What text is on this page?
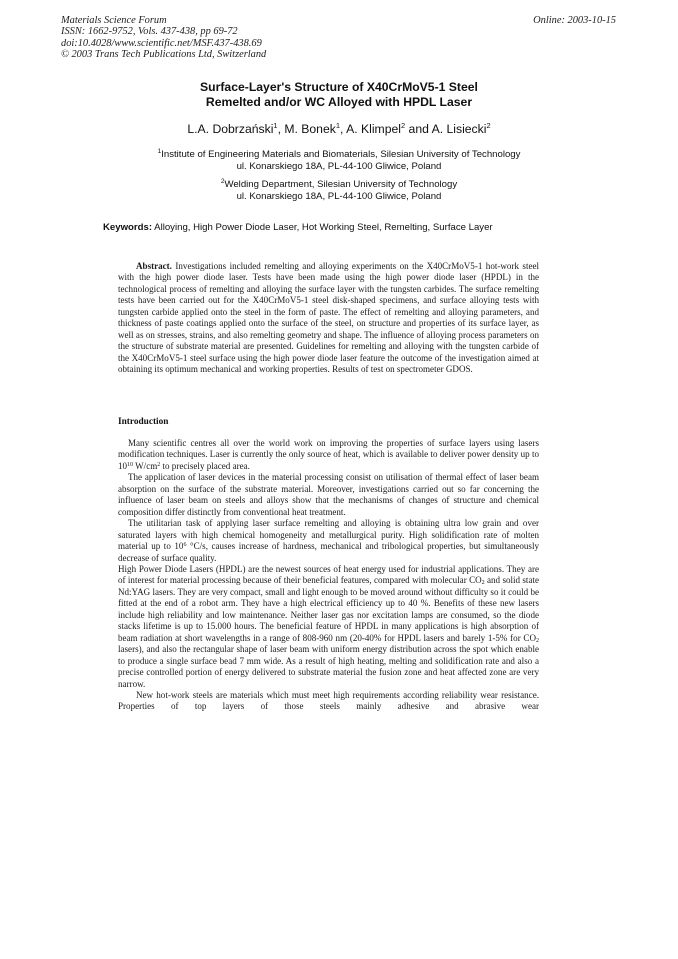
Materials Science Forum
ISSN: 1662-9752, Vols. 437-438, pp 69-72
doi:10.4028/www.scientific.net/MSF.437-438.69
© 2003 Trans Tech Publications Ltd, Switzerland
Online: 2003-10-15
Surface-Layer's Structure of X40CrMoV5-1 Steel
Remelted and/or WC Alloyed with HPDL Laser
L.A. Dobrzański$^1$, M. Bonek$^1$, A. Klimpel$^2$ and A. Lisiecki$^2$
$^1$Institute of Engineering Materials and Biomaterials, Silesian University of Technology
ul. Konarskiego 18A, PL-44-100 Gliwice, Poland
$^2$Welding Department, Silesian University of Technology
ul. Konarskiego 18A, PL-44-100 Gliwice, Poland
Keywords: Alloying, High Power Diode Laser, Hot Working Steel, Remelting, Surface Layer
Abstract. Investigations included remelting and alloying experiments on the X40CrMoV5-1 hot-work steel with the high power diode laser. Tests have been made using the high power diode laser (HPDL) in the technological process of remelting and alloying the surface layer with the tungsten carbides. The surface remelting tests have been carried out for the X40CrMoV5-1 steel disk-shaped specimens, and surface alloying tests with tungsten carbide applied onto the steel in the form of paste. The effect of remelting and alloying parameters, and thickness of paste coatings applied onto the surface of the steel, on structure and properties of its surface layer, as well as on stresses, strains, and also remelting geometry and shape. The influence of alloying process parameters on the structure of substrate material are presented. Guidelines for remelting and alloying with the tungsten carbide of the X40CrMoV5-1 steel surface using the high power diode laser feature the outcome of the investigation aimed at obtaining its optimum mechanical and working properties. Results of test on spectrometer GDOS.
Introduction
Many scientific centres all over the world work on improving the properties of surface layers using lasers modification techniques. Laser is currently the only source of heat, which is available to deliver power density up to $10^{10}$ $W/cm^2$ to precisely placed area.
The application of laser devices in the material processing consist on utilisation of thermal effect of laser beam absorption on the surface of the substrate material. Moreover, investigations carried out so far concerning the influence of laser beam on steels and alloys show that the mechanisms of changes of structure and chemical composition differ distinctly from conventional heat treatment.
The utilitarian task of applying laser surface remelting and alloying is obtaining ultra low grain and over saturated layers with high chemical homogeneity and metallurgical purity. High solidification rate of molten material up to $10^6$ °C/s, causes increase of hardness, mechanical and tribological properties, but simultaneously decrease of surface quality.
High Power Diode Lasers (HPDL) are the newest sources of heat energy used for industrial applications. They are of interest for material processing because of their beneficial features, compared with molecular $CO_2$ and solid state Nd:YAG lasers. They are very compact, small and light enough to be moved around without difficulty so it could be fitted at the end of a robot arm. They have a high electrical efficiency up to 40 %. Benefits of these new lasers include high reliability and low maintenance. Neither laser gas nor excitation lamps are consumed, so the diode stacks lifetime is up to 15.000 hours. The beneficial feature of HPDL in many applications is high absorption of beam radiation at short wavelengths in a range of 808-960 nm (20-40% for HPDL lasers and barely 1-5% for $CO_2$ lasers), and also the rectangular shape of laser beam with uniform energy distribution across the spot which enable to produce a single surface bead 7 mm wide. As a result of high heating, melting and solidification rate and also a precise controlled portion of energy delivered to substrate material the fusion zone and heat affected zone are very narrow.
New hot-work steels are materials which must meet high requirements according reliability wear resistance. Properties of top layers of those steels mainly adhesive and abrasive wear
